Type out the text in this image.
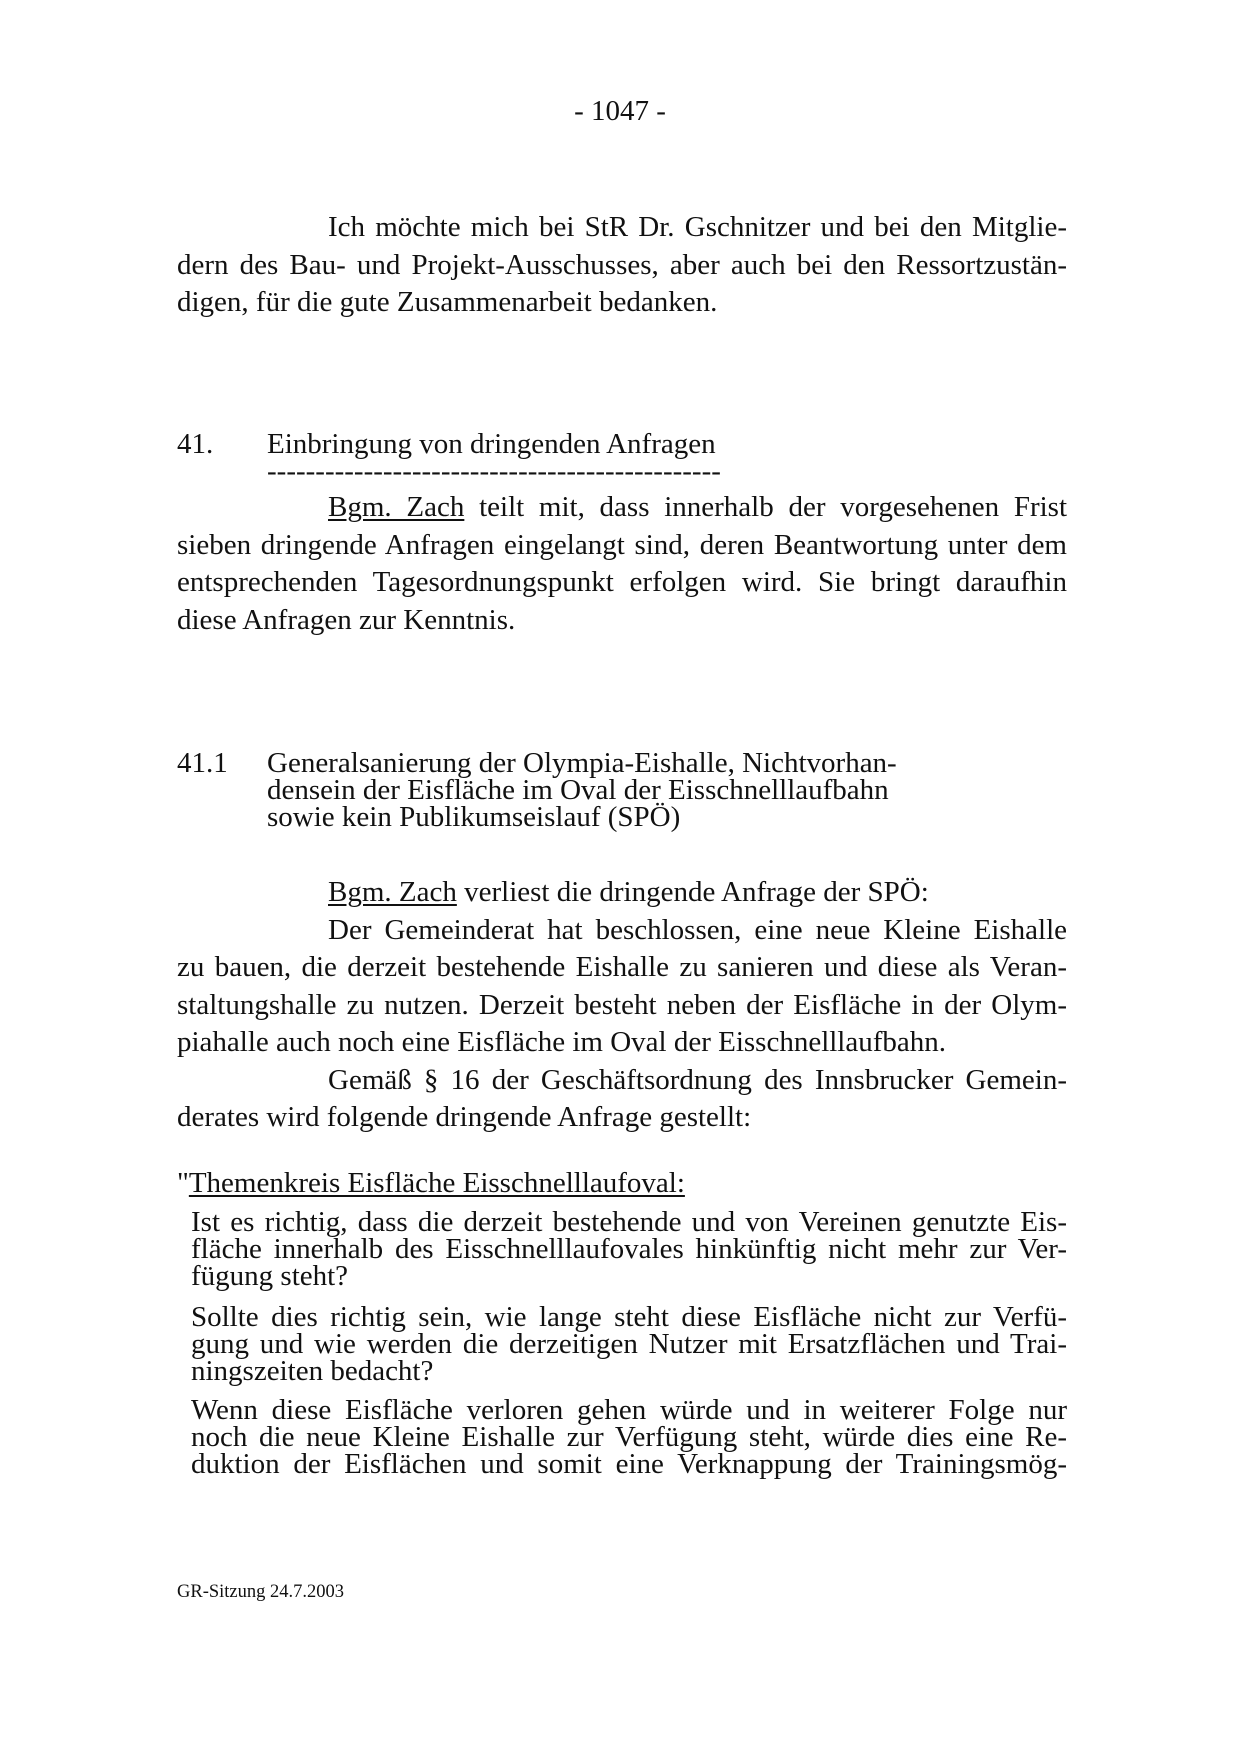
- 1047 -
Ich möchte mich bei StR Dr. Gschnitzer und bei den Mitglie-
dern des Bau- und Projekt-Ausschusses, aber auch bei den Ressortzustän-
digen, für die gute Zusammenarbeit bedanken.
41. Einbringung von dringenden Anfragen
-----------------------------------------------
Bgm. Zach teilt mit, dass innerhalb der vorgesehenen Frist
sieben dringende Anfragen eingelangt sind, deren Beantwortung unter dem
entsprechenden Tagesordnungspunkt erfolgen wird. Sie bringt daraufhin
diese Anfragen zur Kenntnis.
41.1 Generalsanierung der Olympia-Eishalle, Nichtvorhan-
densein der Eisfläche im Oval der Eisschnelllaufbahn
sowie kein Publikumseislauf (SPÖ)
Bgm. Zach verliest die dringende Anfrage der SPÖ:
Der Gemeinderat hat beschlossen, eine neue Kleine Eishalle
zu bauen, die derzeit bestehende Eishalle zu sanieren und diese als Veran-
staltungshalle zu nutzen. Derzeit besteht neben der Eisfläche in der Olym-
piahalle auch noch eine Eisfläche im Oval der Eisschnelllaufbahn.
Gemäß § 16 der Geschäftsordnung des Innsbrucker Gemein-
derates wird folgende dringende Anfrage gestellt:
"Themenkreis Eisfläche Eisschnelllaufoval:
Ist es richtig, dass die derzeit bestehende und von Vereinen genutzte Eis-
fläche innerhalb des Eisschnelllaufovales hinkünftig nicht mehr zur Ver-
fügung steht?
Sollte dies richtig sein, wie lange steht diese Eisfläche nicht zur Verfü-
gung und wie werden die derzeitigen Nutzer mit Ersatzflächen und Trai-
ningszeiten bedacht?
Wenn diese Eisfläche verloren gehen würde und in weiterer Folge nur
noch die neue Kleine Eishalle zur Verfügung steht, würde dies eine Re-
duktion der Eisflächen und somit eine Verknappung der Trainingsmög-
GR-Sitzung 24.7.2003
